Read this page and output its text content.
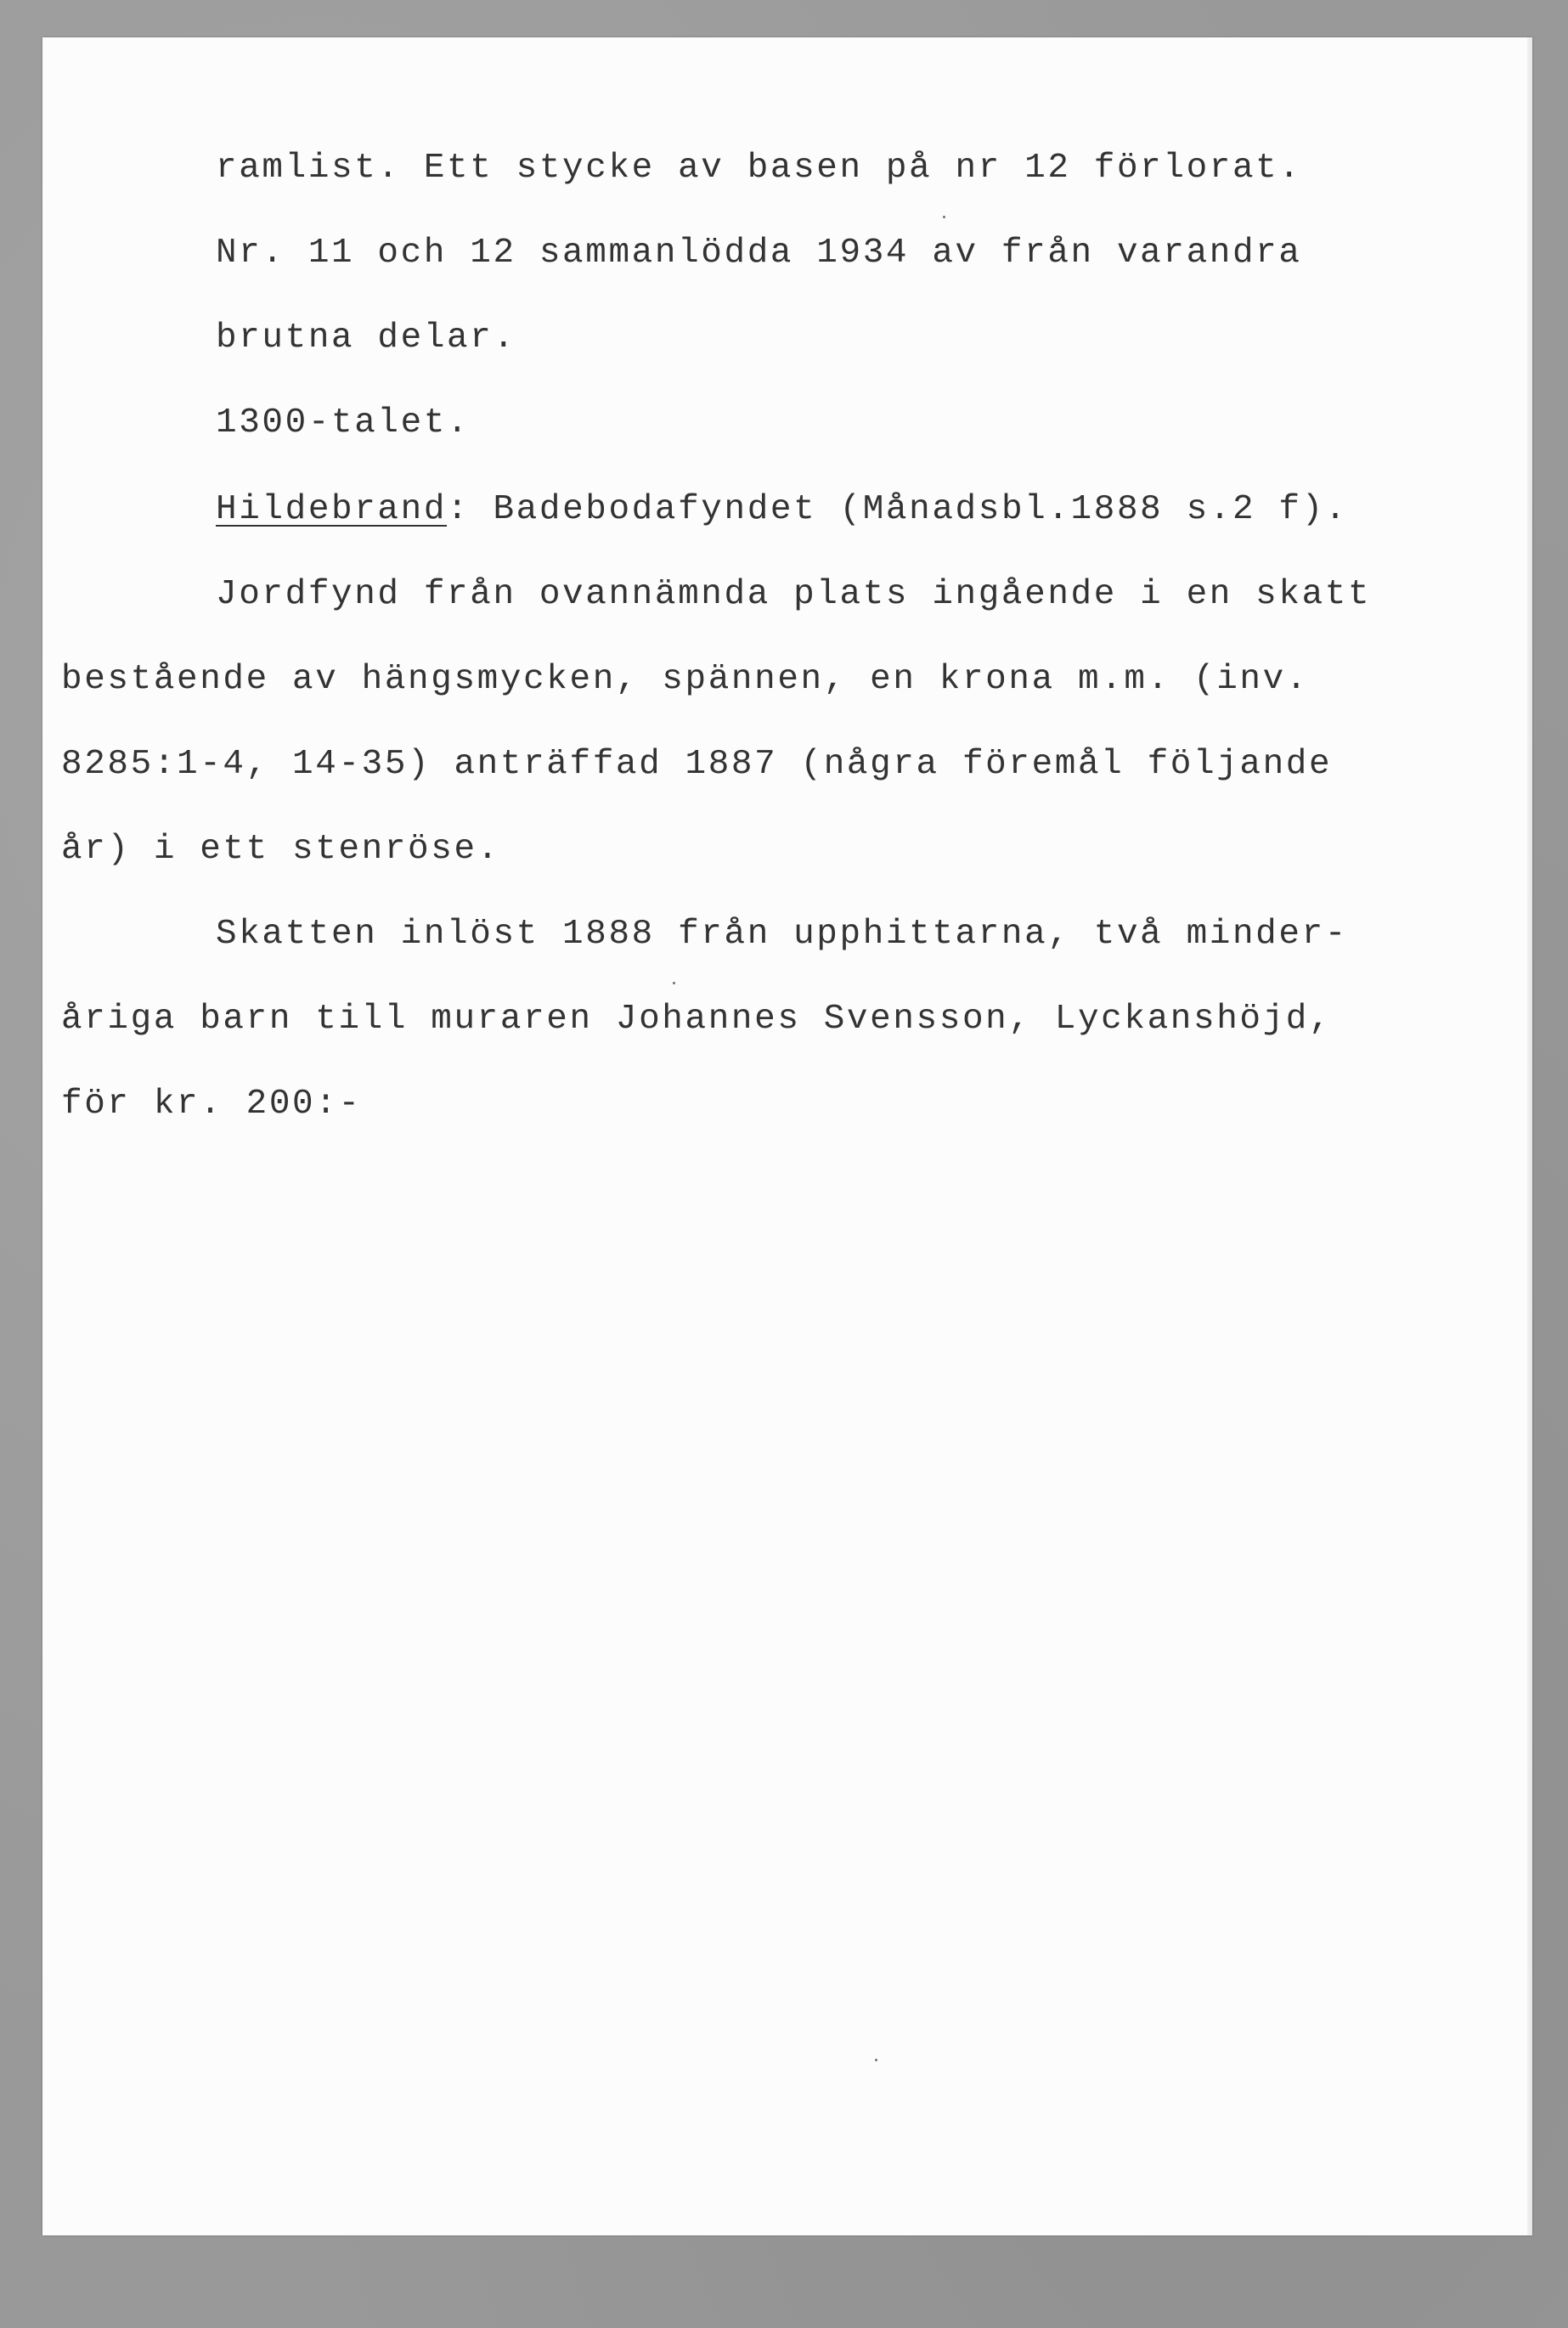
ramlist. Ett stycke av basen på nr 12 förlorat.

Nr. 11 och 12 sammanlödda 1934 av från varandra

brutna delar.

1300-talet.

Hildebrand: Badebodafyndet (Månadsbl.1888 s.2 f).

Jordfynd från ovannämnda plats ingående i en skatt

bestående av hängsmycken, spännen, en krona m.m. (inv.

8285:1-4, 14-35) anträffad 1887 (några föremål följande

år) i ett stenröse.

Skatten inlöst 1888 från upphittarna, två minder-

åriga barn till muraren Johannes Svensson, Lyckanshöjd,

för kr. 200:-
